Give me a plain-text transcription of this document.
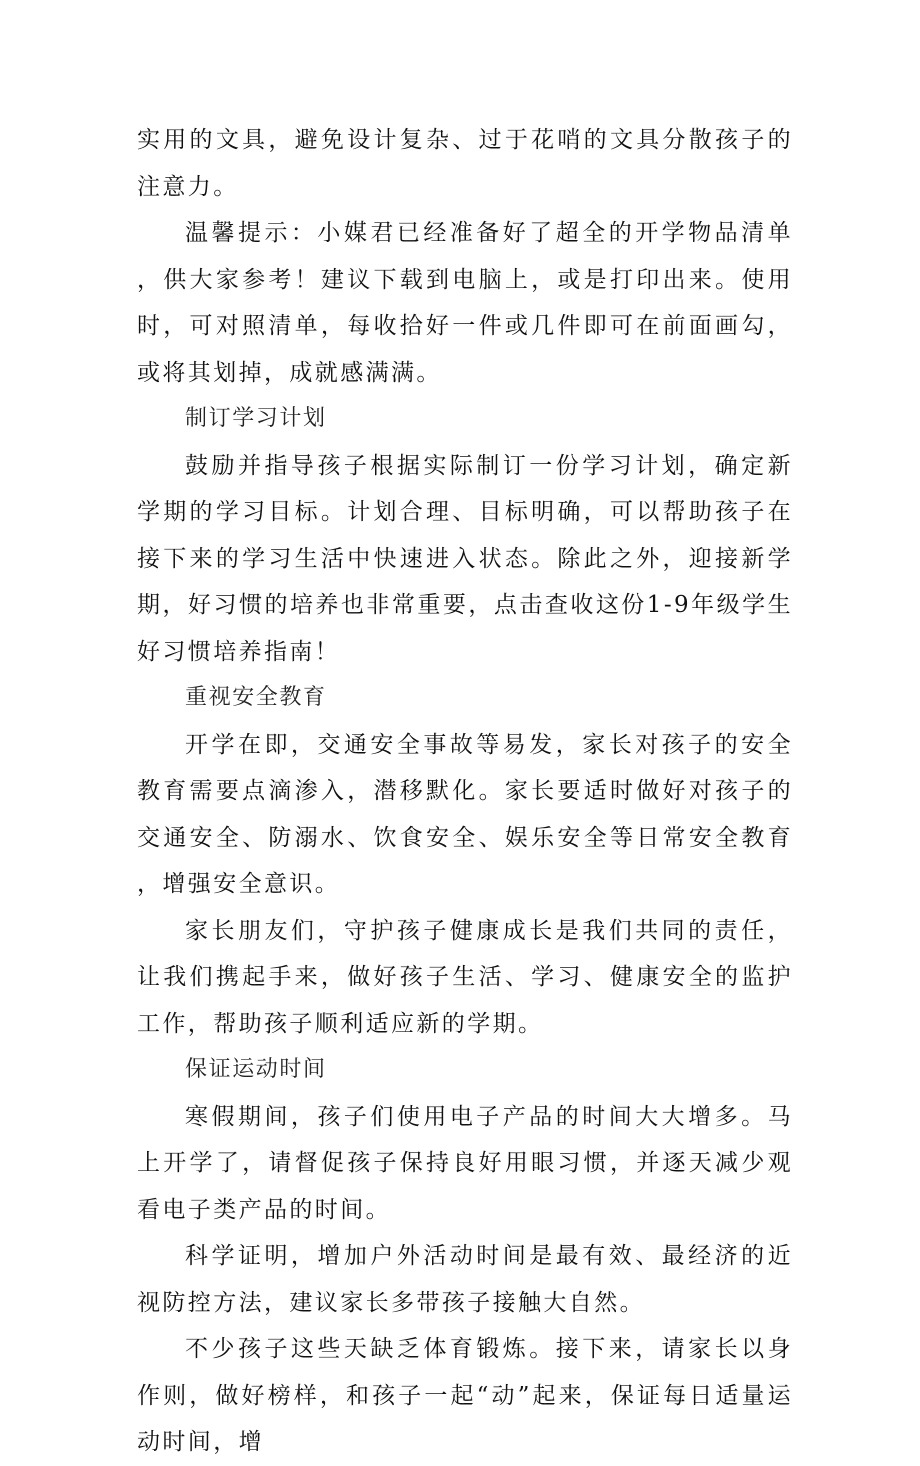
实用的文具，避免设计复杂、过于花哨的文具分散孩子的注意力。

温馨提示：小媒君已经准备好了超全的开学物品清单，供大家参考！建议下载到电脑上，或是打印出来。使用时，可对照清单，每收拾好一件或几件即可在前面画勾，或将其划掉，成就感满满。

制订学习计划

鼓励并指导孩子根据实际制订一份学习计划，确定新学期的学习目标。计划合理、目标明确，可以帮助孩子在接下来的学习生活中快速进入状态。除此之外，迎接新学期，好习惯的培养也非常重要，点击查收这份1-9年级学生好习惯培养指南！

重视安全教育

开学在即，交通安全事故等易发，家长对孩子的安全教育需要点滴渗入，潜移默化。家长要适时做好对孩子的交通安全、防溺水、饮食安全、娱乐安全等日常安全教育，增强安全意识。

家长朋友们，守护孩子健康成长是我们共同的责任，让我们携起手来，做好孩子生活、学习、健康安全的监护工作，帮助孩子顺利适应新的学期。

保证运动时间

寒假期间，孩子们使用电子产品的时间大大增多。马上开学了，请督促孩子保持良好用眼习惯，并逐天减少观看电子类产品的时间。

科学证明，增加户外活动时间是最有效、最经济的近视防控方法，建议家长多带孩子接触大自然。

不少孩子这些天缺乏体育锻炼。接下来，请家长以身作则，做好榜样，和孩子一起“动”起来，保证每日适量运动时间，增
